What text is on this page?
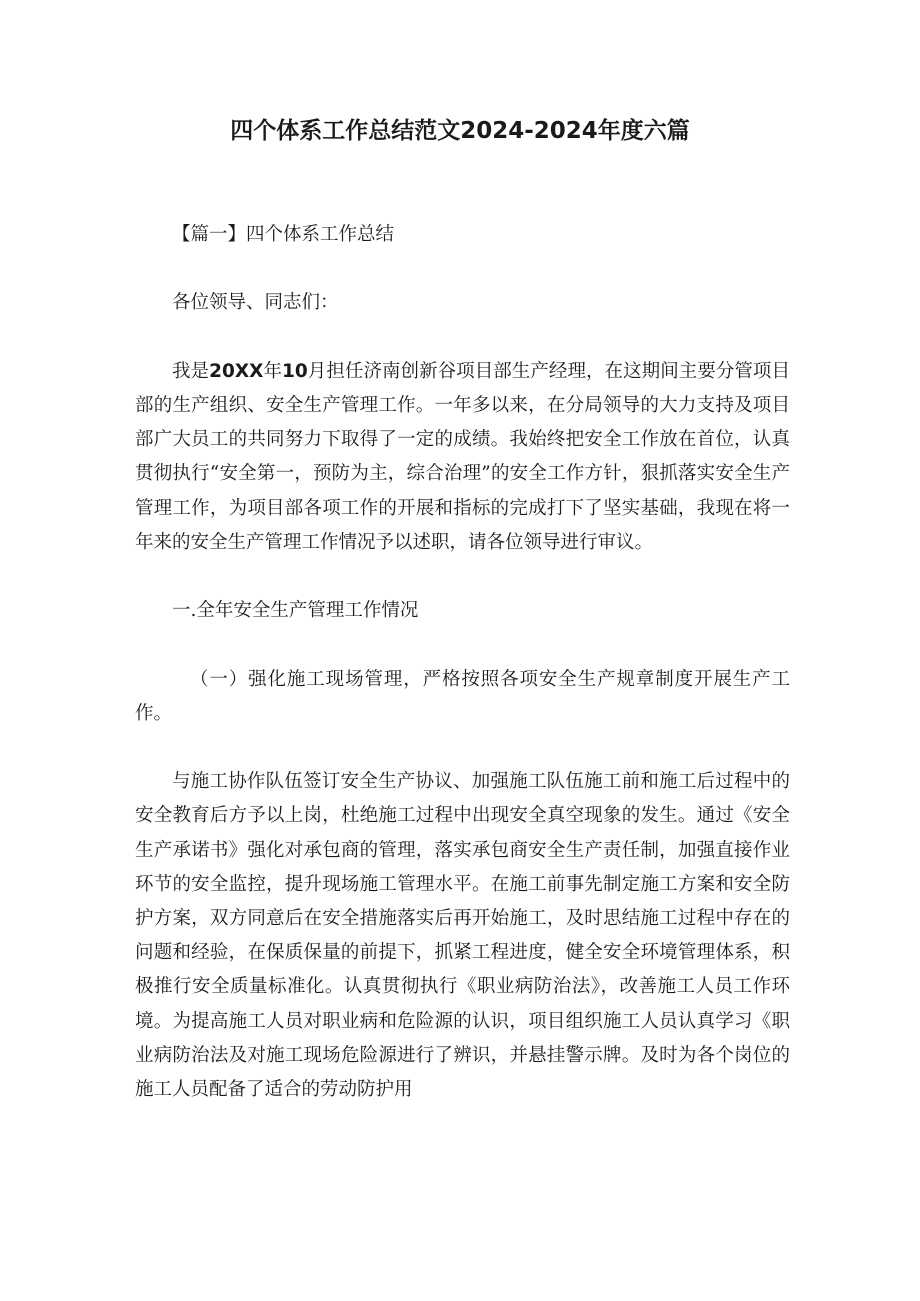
四个体系工作总结范文2024-2024年度六篇

【篇一】四个体系工作总结

各位领导、同志们：

我是20XX年10月担任济南创新谷项目部生产经理，在这期间主要分管项目部的生产组织、安全生产管理工作。一年多以来，在分局领导的大力支持及项目部广大员工的共同努力下取得了一定的成绩。我始终把安全工作放在首位，认真贯彻执行“安全第一，预防为主，综合治理”的安全工作方针，狠抓落实安全生产管理工作，为项目部各项工作的开展和指标的完成打下了坚实基础，我现在将一年来的安全生产管理工作情况予以述职，请各位领导进行审议。

一.全年安全生产管理工作情况

（一）强化施工现场管理，严格按照各项安全生产规章制度开展生产工作。

与施工协作队伍签订安全生产协议、加强施工队伍施工前和施工后过程中的安全教育后方予以上岗，杜绝施工过程中出现安全真空现象的发生。通过《安全生产承诺书》强化对承包商的管理，落实承包商安全生产责任制，加强直接作业环节的安全监控，提升现场施工管理水平。在施工前事先制定施工方案和安全防护方案，双方同意后在安全措施落实后再开始施工，及时思结施工过程中存在的问题和经验，在保质保量的前提下，抓紧工程进度，健全安全环境管理体系，积极推行安全质量标准化。认真贯彻执行《职业病防治法》，改善施工人员工作环境。为提高施工人员对职业病和危险源的认识，项目组织施工人员认真学习《职业病防治法及对施工现场危险源进行了辨识，并悬挂警示牌。及时为各个岗位的施工人员配备了适合的劳动防护用
